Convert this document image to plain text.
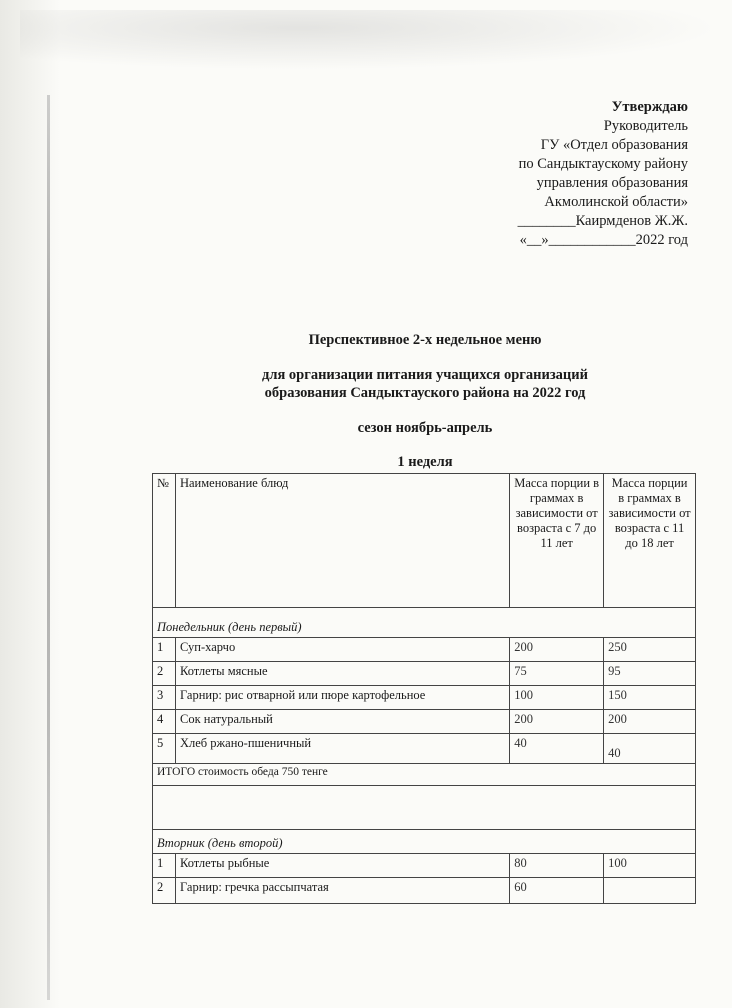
Утверждаю
Руководитель
ГУ «Отдел образования
по Сандыктаускому району
управления образования
Акмолинской области»
________Каирмденов Ж.Ж.
«__»____________2022 год
Перспективное 2-х недельное меню
для организации питания учащихся организаций
образования Сандыктауского района на 2022 год
сезон ноябрь-апрель
1 неделя
№	Наименование блюд	Масса порции в граммах в зависимости от возраста с 7 до 11 лет	Масса порции в граммах в зависимости от возраста с 11 до 18 лет
Понедельник (день первый)			
1	Суп-харчо	200	250
2	Котлеты мясные	75	95
3	Гарнир: рис отварной или пюре картофельное	100	150
4	Сок натуральный	200	200
5	Хлеб ржано-пшеничный	40	40
ИТОГО стоимость обеда 750 тенге			

Вторник (день второй)			
1	Котлеты рыбные	80	100
2	Гарнир: гречка рассыпчатая	60	
